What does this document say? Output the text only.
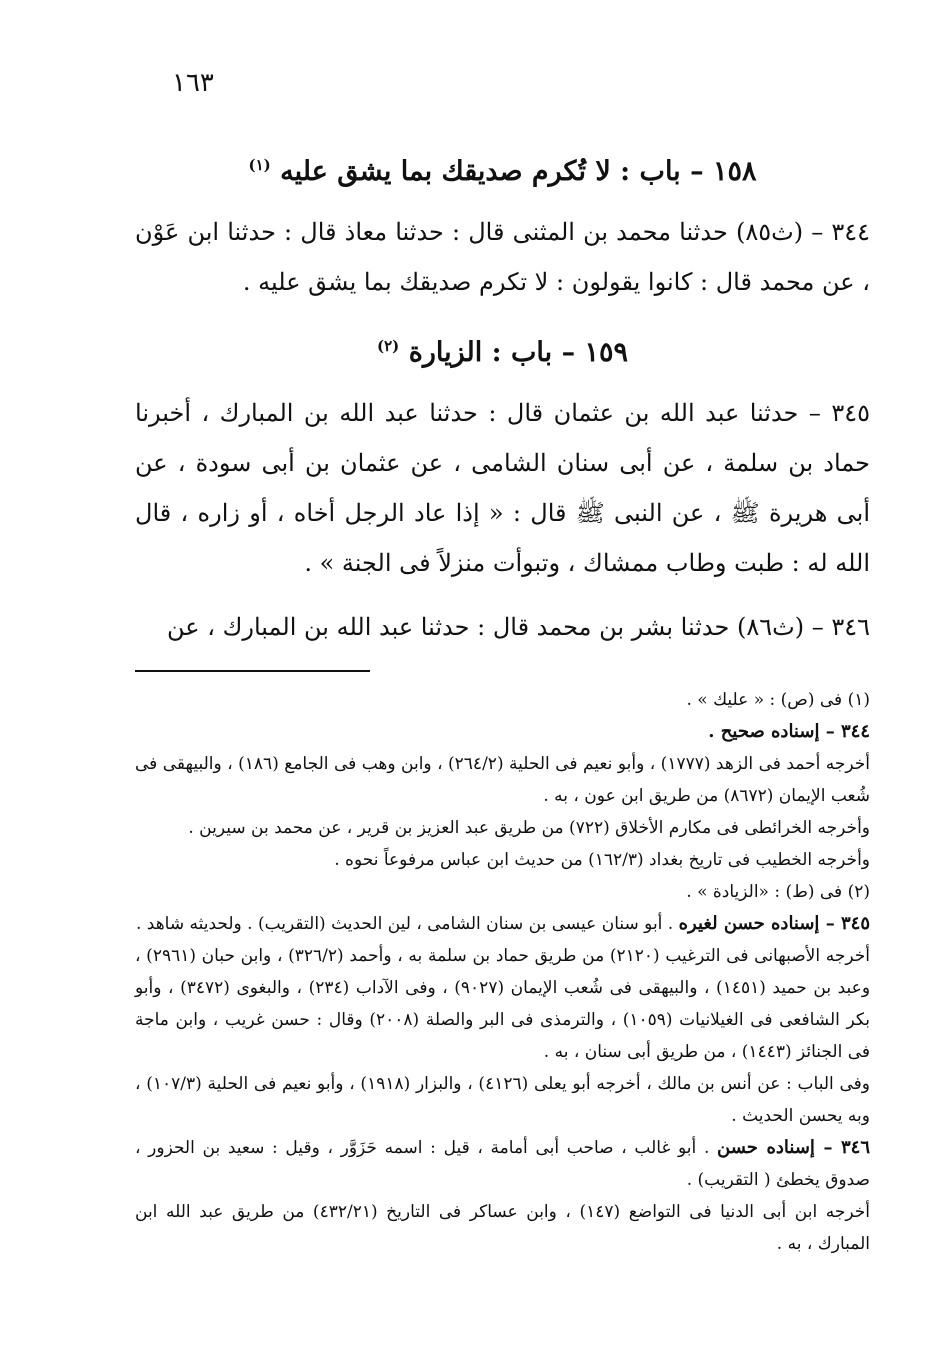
١٦٣
١٥٨ – باب : لا تُكرم صديقك بما يشق عليه $^{(١)}$

٣٤٤ – (ث٨٥) حدثنا محمد بن المثنى قال : حدثنا معاذ قال : حدثنا ابن عَوْن ، عن محمد قال : كانوا يقولون : لا تكرم صديقك بما يشق عليه .

١٥٩ – باب : الزيارة $^{(٢)}$

٣٤٥ – حدثنا عبد الله بن عثمان قال : حدثنا عبد الله بن المبارك ، أخبرنا حماد بن سلمة ، عن أبى سنان الشامى ، عن عثمان بن أبى سودة ، عن أبى هريرة ﷺ ، عن النبى ﷺ قال : « إذا عاد الرجل أخاه ، أو زاره ، قال الله له : طبت وطاب ممشاك ، وتبوأت منزلاً فى الجنة » .

٣٤٦ – (ث٨٦) حدثنا بشر بن محمد قال : حدثنا عبد الله بن المبارك ، عن

(١) فى (ص) : « عليك » .

٣٤٤ – إسناده صحيح .

أخرجه أحمد فى الزهد (١٧٧٧) ، وأبو نعيم فى الحلية (٢٦٤/٢) ، وابن وهب فى الجامع (١٨٦) ، والبيهقى فى شُعب الإيمان (٨٦٧٢) من طريق ابن عون ، به .

وأخرجه الخرائطى فى مكارم الأخلاق (٧٢٢) من طريق عبد العزيز بن قرير ، عن محمد بن سيرين .

وأخرجه الخطيب فى تاريخ بغداد (١٦٢/٣) من حديث ابن عباس مرفوعاً نحوه .

(٢) فى (ط) : «الزيادة » .

٣٤٥ – إسناده حسن لغيره . أبو سنان عيسى بن سنان الشامى ، لين الحديث (التقريب) . ولحديثه شاهد .

أخرجه الأصبهانى فى الترغيب (٢١٢٠) من طريق حماد بن سلمة به ، وأحمد (٣٢٦/٢) ، وابن حبان (٢٩٦١) ، وعبد بن حميد (١٤٥١) ، والبيهقى فى شُعب الإيمان (٩٠٢٧) ، وفى الآداب (٢٣٤) ، والبغوى (٣٤٧٢) ، وأبو بكر الشافعى فى الغيلانيات (١٠٥٩) ، والترمذى فى البر والصلة (٢٠٠٨) وقال : حسن غريب ، وابن ماجة فى الجنائز (١٤٤٣) ، من طريق أبى سنان ، به .

وفى الباب : عن أنس بن مالك ، أخرجه أبو يعلى (٤١٢٦) ، والبزار (١٩١٨) ، وأبو نعيم فى الحلية (١٠٧/٣) ، وبه يحسن الحديث .

٣٤٦ – إسناده حسن . أبو غالب ، صاحب أبى أمامة ، قيل : اسمه حَزَوَّر ، وقيل : سعيد بن الحزور ، صدوق يخطئ ( التقريب) .

أخرجه ابن أبى الدنيا فى التواضع (١٤٧) ، وابن عساكر فى التاريخ (٤٣٢/٢١) من طريق عبد الله ابن المبارك ، به .
